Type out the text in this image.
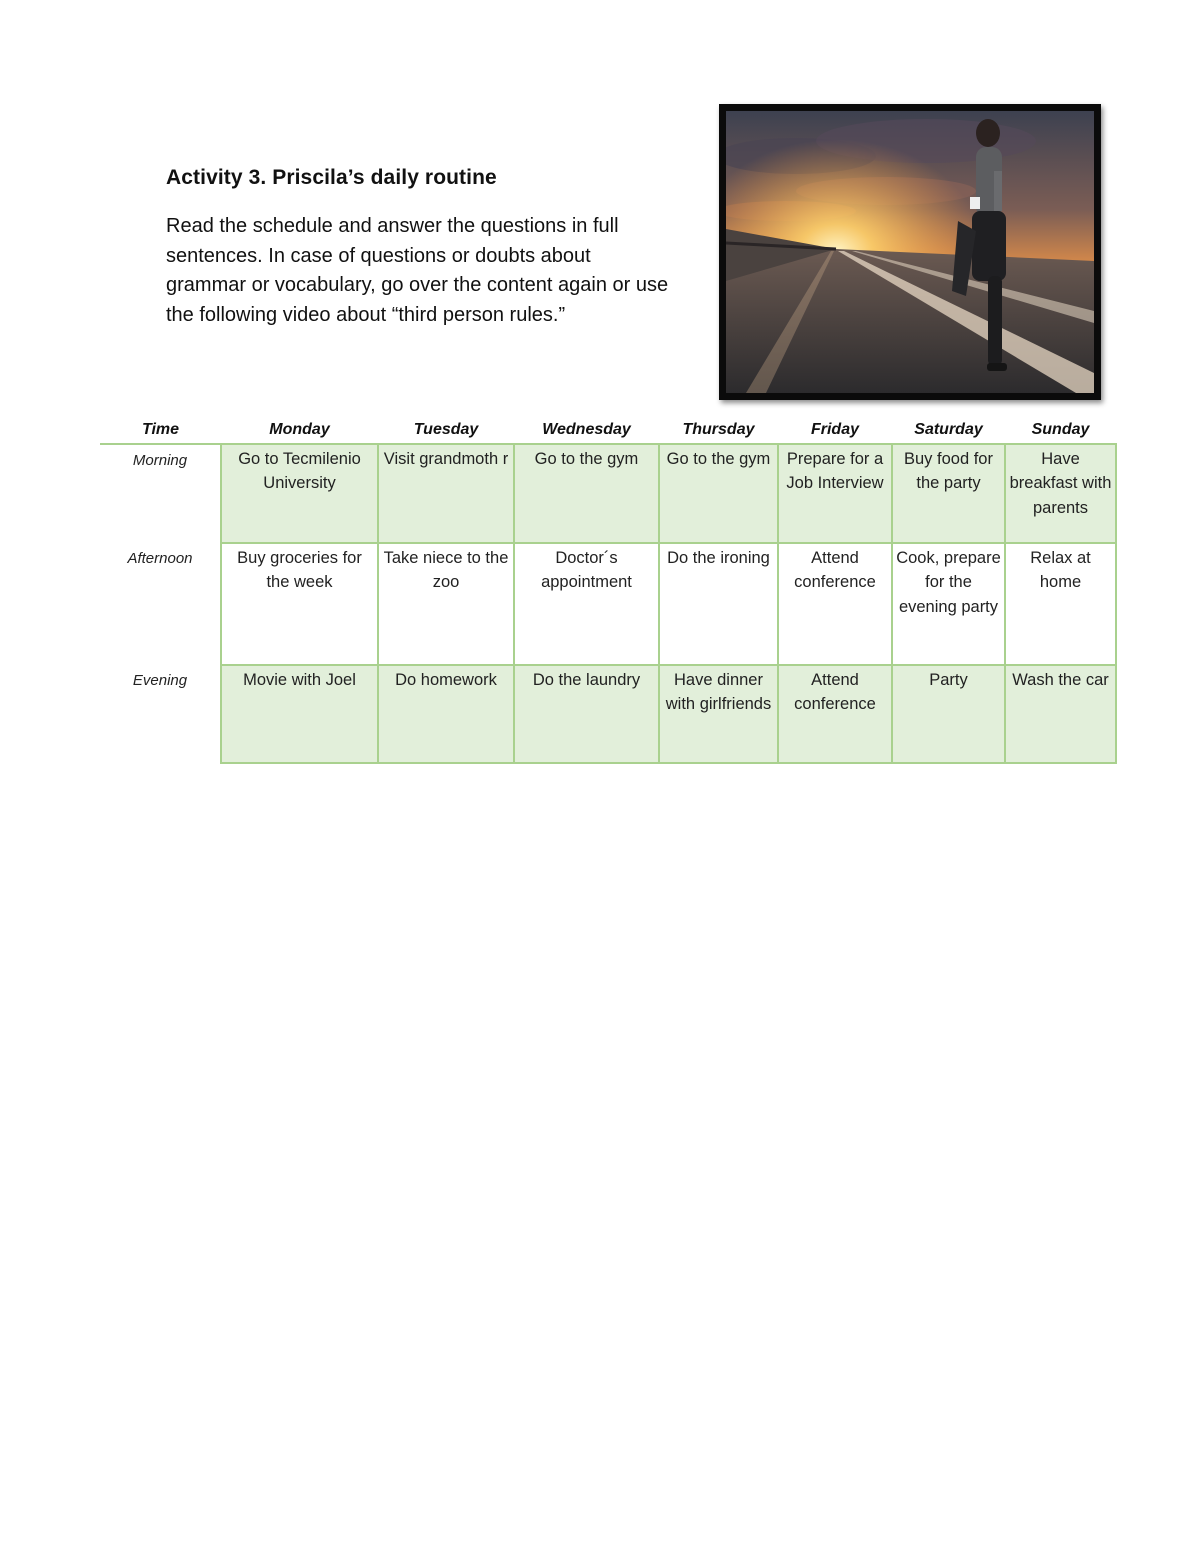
Activity 3. Priscila’s daily routine

Read the schedule and answer the questions in full sentences. In case of questions or doubts about grammar or vocabulary, go over the content again or use the following video about “third person rules.”

Time	Monday	Tuesday	Wednesday	Thursday	Friday	Saturday	Sunday
Morning	Go to Tecmilenio University	Visit grandmoth r	Go to the gym	Go to the gym	Prepare for a Job Interview	Buy food for the party	Have breakfast with parents
Afternoon	Buy groceries for the week	Take niece to the zoo	Doctor´s appointment	Do the ironing	Attend conference	Cook, prepare for the evening party	Relax at home
Evening	Movie with Joel	Do homework	Do the laundry	Have dinner with girlfriends	Attend conference	Party	Wash the car
